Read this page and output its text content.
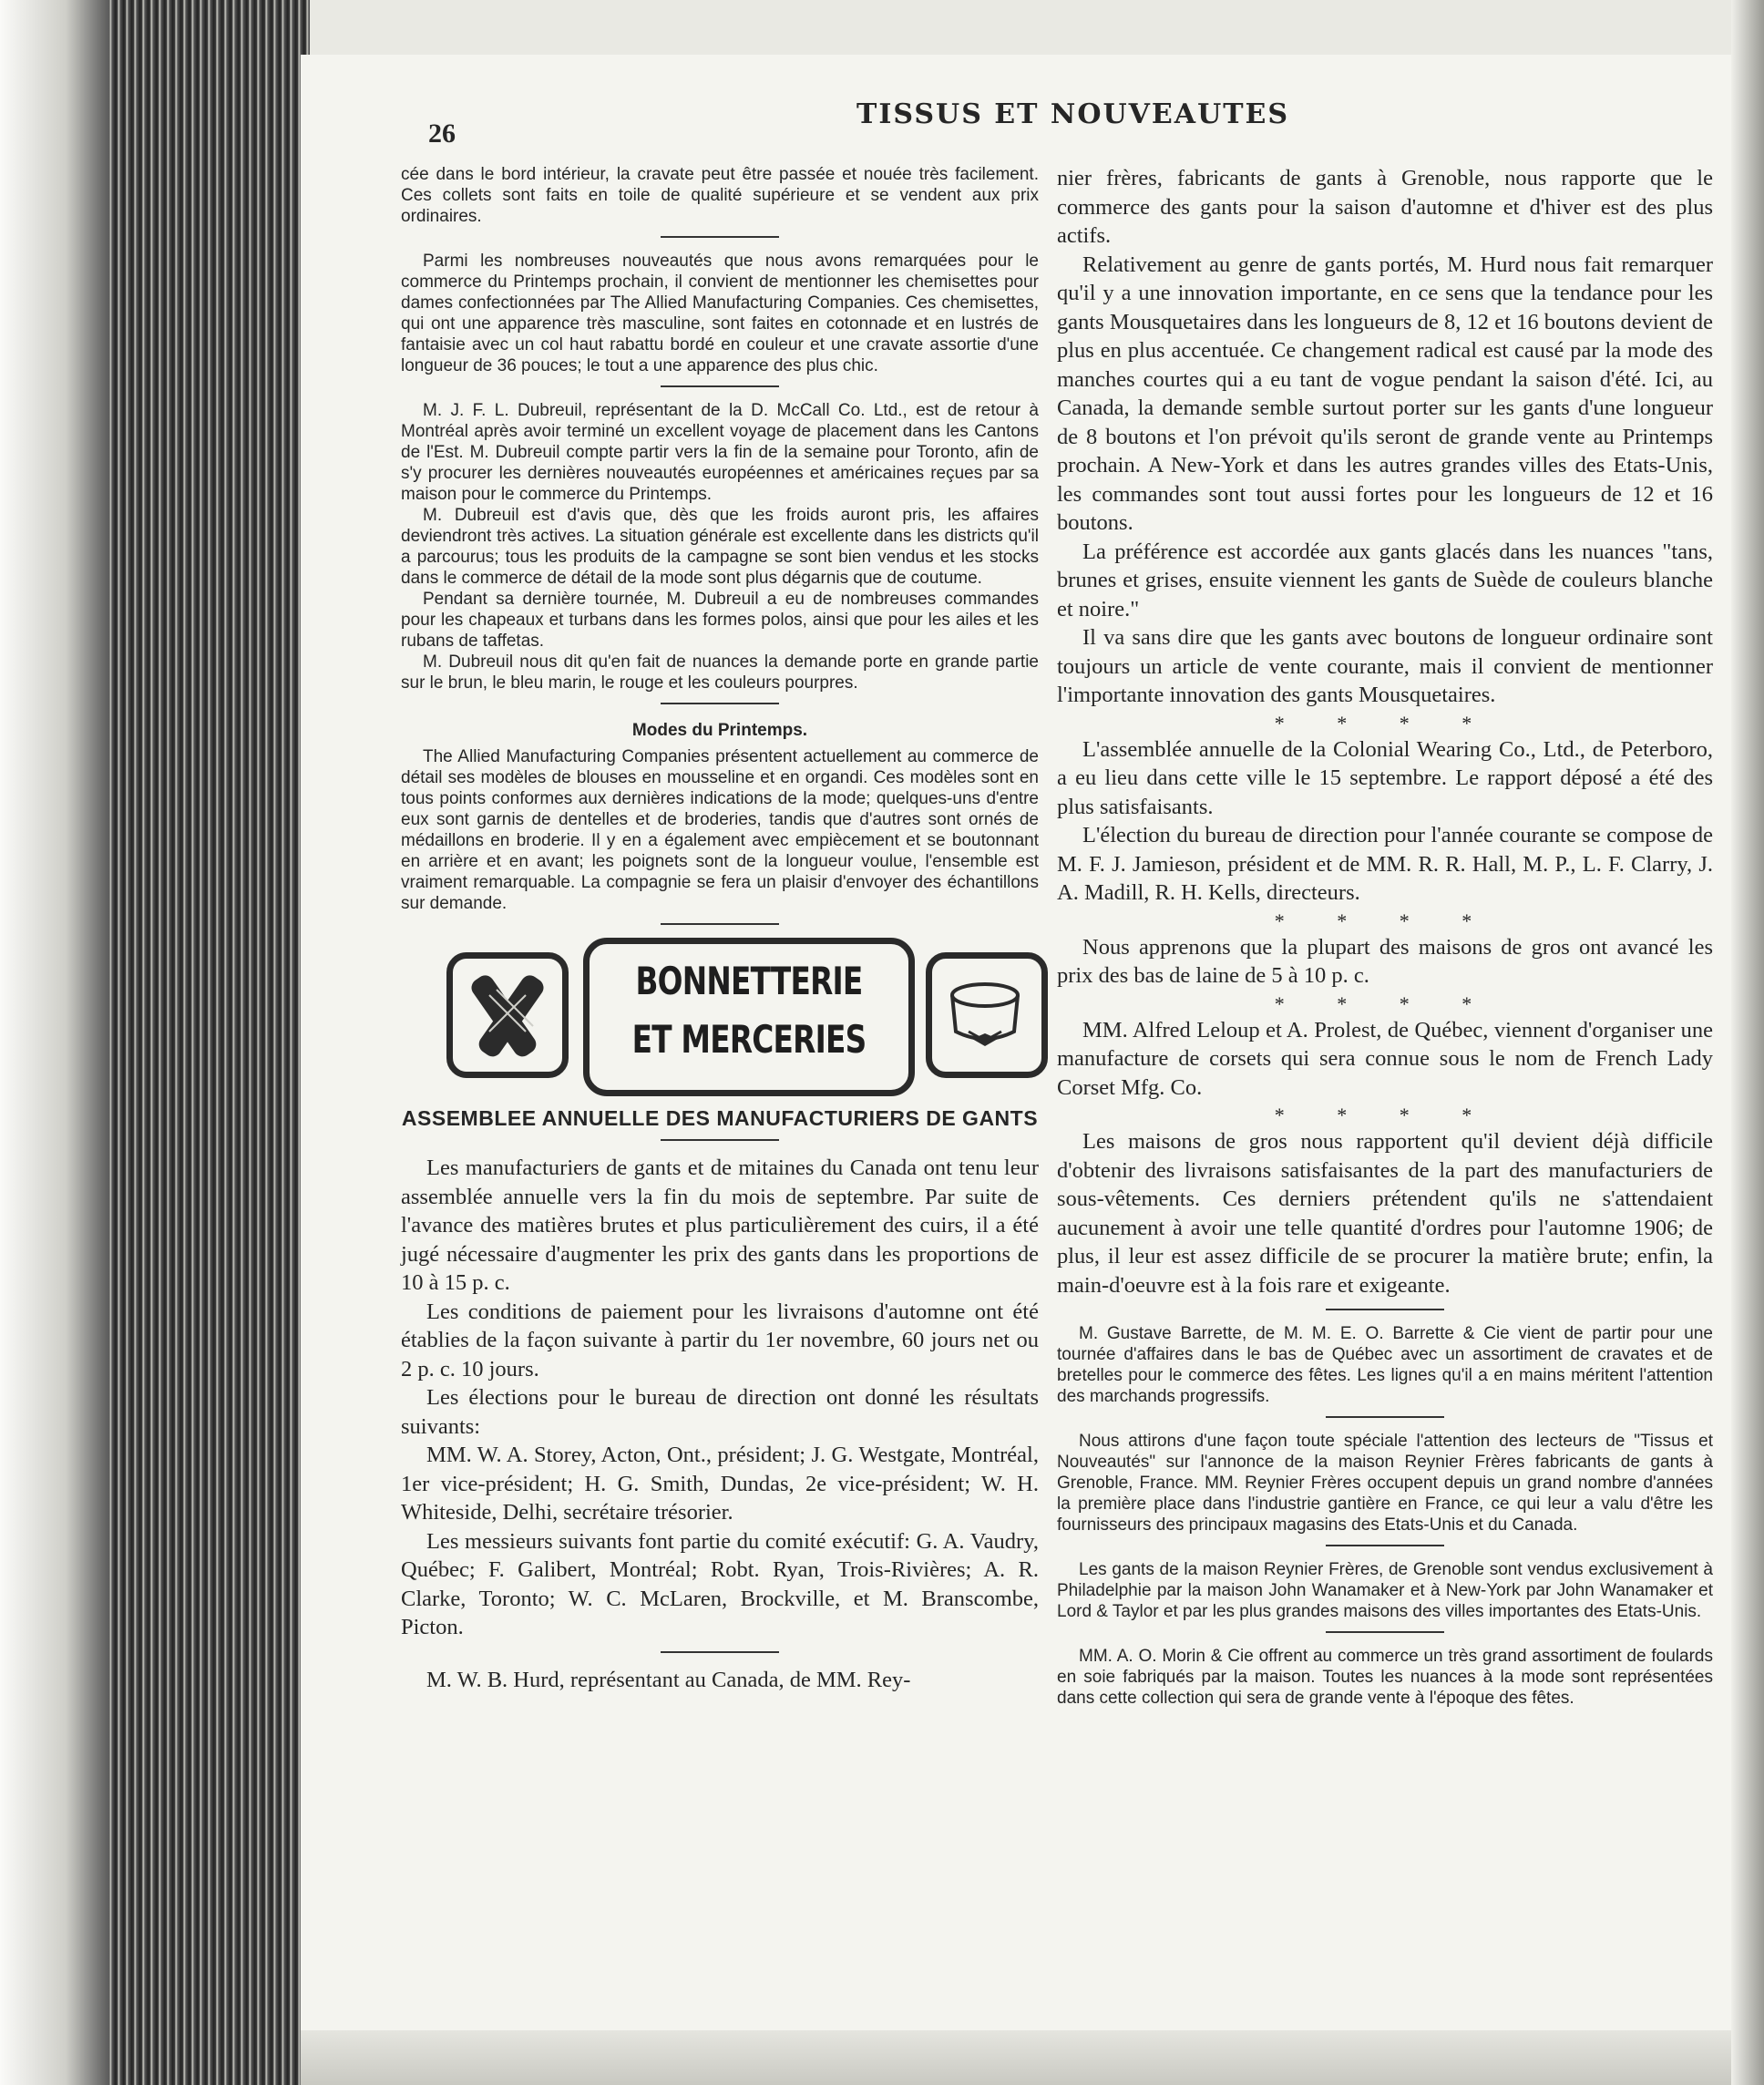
26
TISSUS ET NOUVEAUTES

cée dans le bord intérieur, la cravate peut être passée et nouée très facilement. Ces collets sont faits en toile de qualité supérieure et se vendent aux prix ordinaires.

Parmi les nombreuses nouveautés que nous avons remarquées pour le commerce du Printemps prochain, il convient de mentionner les chemisettes pour dames confectionnées par The Allied Manufacturing Companies. Ces chemisettes, qui ont une apparence très masculine, sont faites en cotonnade et en lustrés de fantaisie avec un col haut rabattu bordé en couleur et une cravate assortie d'une longueur de 36 pouces; le tout a une apparence des plus chic.

M. J. F. L. Dubreuil, représentant de la D. McCall Co. Ltd., est de retour à Montréal après avoir terminé un excellent voyage de placement dans les Cantons de l'Est. M. Dubreuil compte partir vers la fin de la semaine pour Toronto, afin de s'y procurer les dernières nouveautés européennes et américaines reçues par sa maison pour le commerce du Printemps.

M. Dubreuil est d'avis que, dès que les froids auront pris, les affaires deviendront très actives. La situation générale est excellente dans les districts qu'il a parcourus; tous les produits de la campagne se sont bien vendus et les stocks dans le commerce de détail de la mode sont plus dégarnis que de coutume.

Pendant sa dernière tournée, M. Dubreuil a eu de nombreuses commandes pour les chapeaux et turbans dans les formes polos, ainsi que pour les ailes et les rubans de taffetas.

M. Dubreuil nous dit qu'en fait de nuances la demande porte en grande partie sur le brun, le bleu marin, le rouge et les couleurs pourpres.

Modes du Printemps.

The Allied Manufacturing Companies présentent actuellement au commerce de détail ses modèles de blouses en mousseline et en organdi. Ces modèles sont en tous points conformes aux dernières indications de la mode; quelques-uns d'entre eux sont garnis de dentelles et de broderies, tandis que d'autres sont ornés de médaillons en broderie. Il y en a également avec empiècement et se boutonnant en arrière et en avant; les poignets sont de la longueur voulue, l'ensemble est vraiment remarquable. La compagnie se fera un plaisir d'envoyer des échantillons sur demande.

BONNETTERIE
ET MERCERIES
ASSEMBLEE ANNUELLE DES MANUFACTURIERS DE GANTS

Les manufacturiers de gants et de mitaines du Canada ont tenu leur assemblée annuelle vers la fin du mois de septembre. Par suite de l'avance des matières brutes et plus particulièrement des cuirs, il a été jugé nécessaire d'augmenter les prix des gants dans les proportions de 10 à 15 p. c.

Les conditions de paiement pour les livraisons d'automne ont été établies de la façon suivante à partir du 1er novembre, 60 jours net ou 2 p. c. 10 jours.

Les élections pour le bureau de direction ont donné les résultats suivants:

MM. W. A. Storey, Acton, Ont., président; J. G. Westgate, Montréal, 1er vice-président; H. G. Smith, Dundas, 2e vice-président; W. H. Whiteside, Delhi, secrétaire trésorier.

Les messieurs suivants font partie du comité exécutif: G. A. Vaudry, Québec; F. Galibert, Montréal; Robt. Ryan, Trois-Rivières; A. R. Clarke, Toronto; W. C. McLaren, Brockville, et M. Branscombe, Picton.

M. W. B. Hurd, représentant au Canada, de MM. Rey-

nier frères, fabricants de gants à Grenoble, nous rapporte que le commerce des gants pour la saison d'automne et d'hiver est des plus actifs.

Relativement au genre de gants portés, M. Hurd nous fait remarquer qu'il y a une innovation importante, en ce sens que la tendance pour les gants Mousquetaires dans les longueurs de 8, 12 et 16 boutons devient de plus en plus accentuée. Ce changement radical est causé par la mode des manches courtes qui a eu tant de vogue pendant la saison d'été. Ici, au Canada, la demande semble surtout porter sur les gants d'une longueur de 8 boutons et l'on prévoit qu'ils seront de grande vente au Printemps prochain. A New-York et dans les autres grandes villes des Etats-Unis, les commandes sont tout aussi fortes pour les longueurs de 12 et 16 boutons.

La préférence est accordée aux gants glacés dans les nuances "tans, brunes et grises, ensuite viennent les gants de Suède de couleurs blanche et noire."

Il va sans dire que les gants avec boutons de longueur ordinaire sont toujours un article de vente courante, mais il convient de mentionner l'importante innovation des gants Mousquetaires.

* * * *

L'assemblée annuelle de la Colonial Wearing Co., Ltd., de Peterboro, a eu lieu dans cette ville le 15 septembre. Le rapport déposé a été des plus satisfaisants.

L'élection du bureau de direction pour l'année courante se compose de M. F. J. Jamieson, président et de MM. R. R. Hall, M. P., L. F. Clarry, J. A. Madill, R. H. Kells, directeurs.

* * * *

Nous apprenons que la plupart des maisons de gros ont avancé les prix des bas de laine de 5 à 10 p. c.

* * * *

MM. Alfred Leloup et A. Prolest, de Québec, viennent d'organiser une manufacture de corsets qui sera connue sous le nom de French Lady Corset Mfg. Co.

* * * *

Les maisons de gros nous rapportent qu'il devient déjà difficile d'obtenir des livraisons satisfaisantes de la part des manufacturiers de sous-vêtements. Ces derniers prétendent qu'ils ne s'attendaient aucunement à avoir une telle quantité d'ordres pour l'automne 1906; de plus, il leur est assez difficile de se procurer la matière brute; enfin, la main-d'oeuvre est à la fois rare et exigeante.

M. Gustave Barrette, de M. M. E. O. Barrette & Cie vient de partir pour une tournée d'affaires dans le bas de Québec avec un assortiment de cravates et de bretelles pour le commerce des fêtes. Les lignes qu'il a en mains méritent l'attention des marchands progressifs.

Nous attirons d'une façon toute spéciale l'attention des lecteurs de "Tissus et Nouveautés" sur l'annonce de la maison Reynier Frères fabricants de gants à Grenoble, France. MM. Reynier Frères occupent depuis un grand nombre d'années la première place dans l'industrie gantière en France, ce qui leur a valu d'être les fournisseurs des principaux magasins des Etats-Unis et du Canada.

Les gants de la maison Reynier Frères, de Grenoble sont vendus exclusivement à Philadelphie par la maison John Wanamaker et à New-York par John Wanamaker et Lord & Taylor et par les plus grandes maisons des villes importantes des Etats-Unis.

MM. A. O. Morin & Cie offrent au commerce un très grand assortiment de foulards en soie fabriqués par la maison. Toutes les nuances à la mode sont représentées dans cette collection qui sera de grande vente à l'époque des fêtes.
